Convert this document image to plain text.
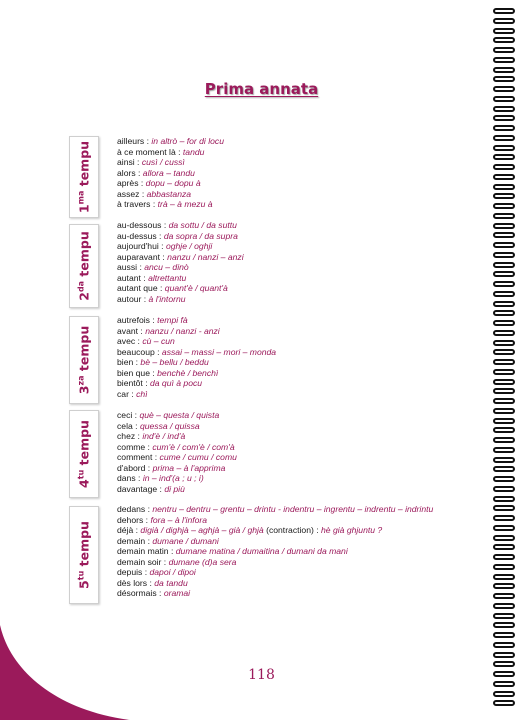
Prima annata
$1^{ma}$ tempu	ailleurs : in altrò – for di locu
à ce moment là : tandu
ainsi : cusì / cussì
alors : allora – tandu
après : dopu – dopu à
assez : abbastanza
à travers : trà – à mezu à
$2^{da}$ tempu
au-dessous : da sottu / da suttu
au-dessus : da sopra / da supra
aujourd'hui : oghje / oghji
auparavant : nanzu / nanzi – anzi
aussi : ancu – dinò
autant : altrettantu
autant que : quant'è / quant'à
autour : à l'intornu
$3^{za}$ tempu
autrefois : tempi fà
avant : nanzu / nanzi - anzi
avec : cù – cun
beaucoup : assai – massi – mori – monda
bien : bè – bellu / beddu
bien que : benchè / benchì
bientôt : da quì à pocu
car : chì
$4^{tu}$ tempu
ceci : què – questa / quista
cela : quessa / quissa
chez : ind'è / ind'à
comme : cum'è / com'è / com'à
comment : cume / cumu / comu
d'abord : prima – à l'apprima
dans : in – ind'(a ; u ; i)
davantage : di più
$5^{tu}$ tempu
dedans : nentru – dentru – grentu – drintu - indentru – ingrentu – indrentu – indrintu
dehors : fora – à l'infora
déjà : digià / dighjà – aghjà – già / ghjà (contraction) : hè già ghjuntu ?
demain : dumane / dumani
demain matin : dumane matina / dumaitina / dumani da mani
demain soir : dumane (d)a sera
depuis : dapoi / dipoi
dès lors : da tandu
désormais : oramai
118
